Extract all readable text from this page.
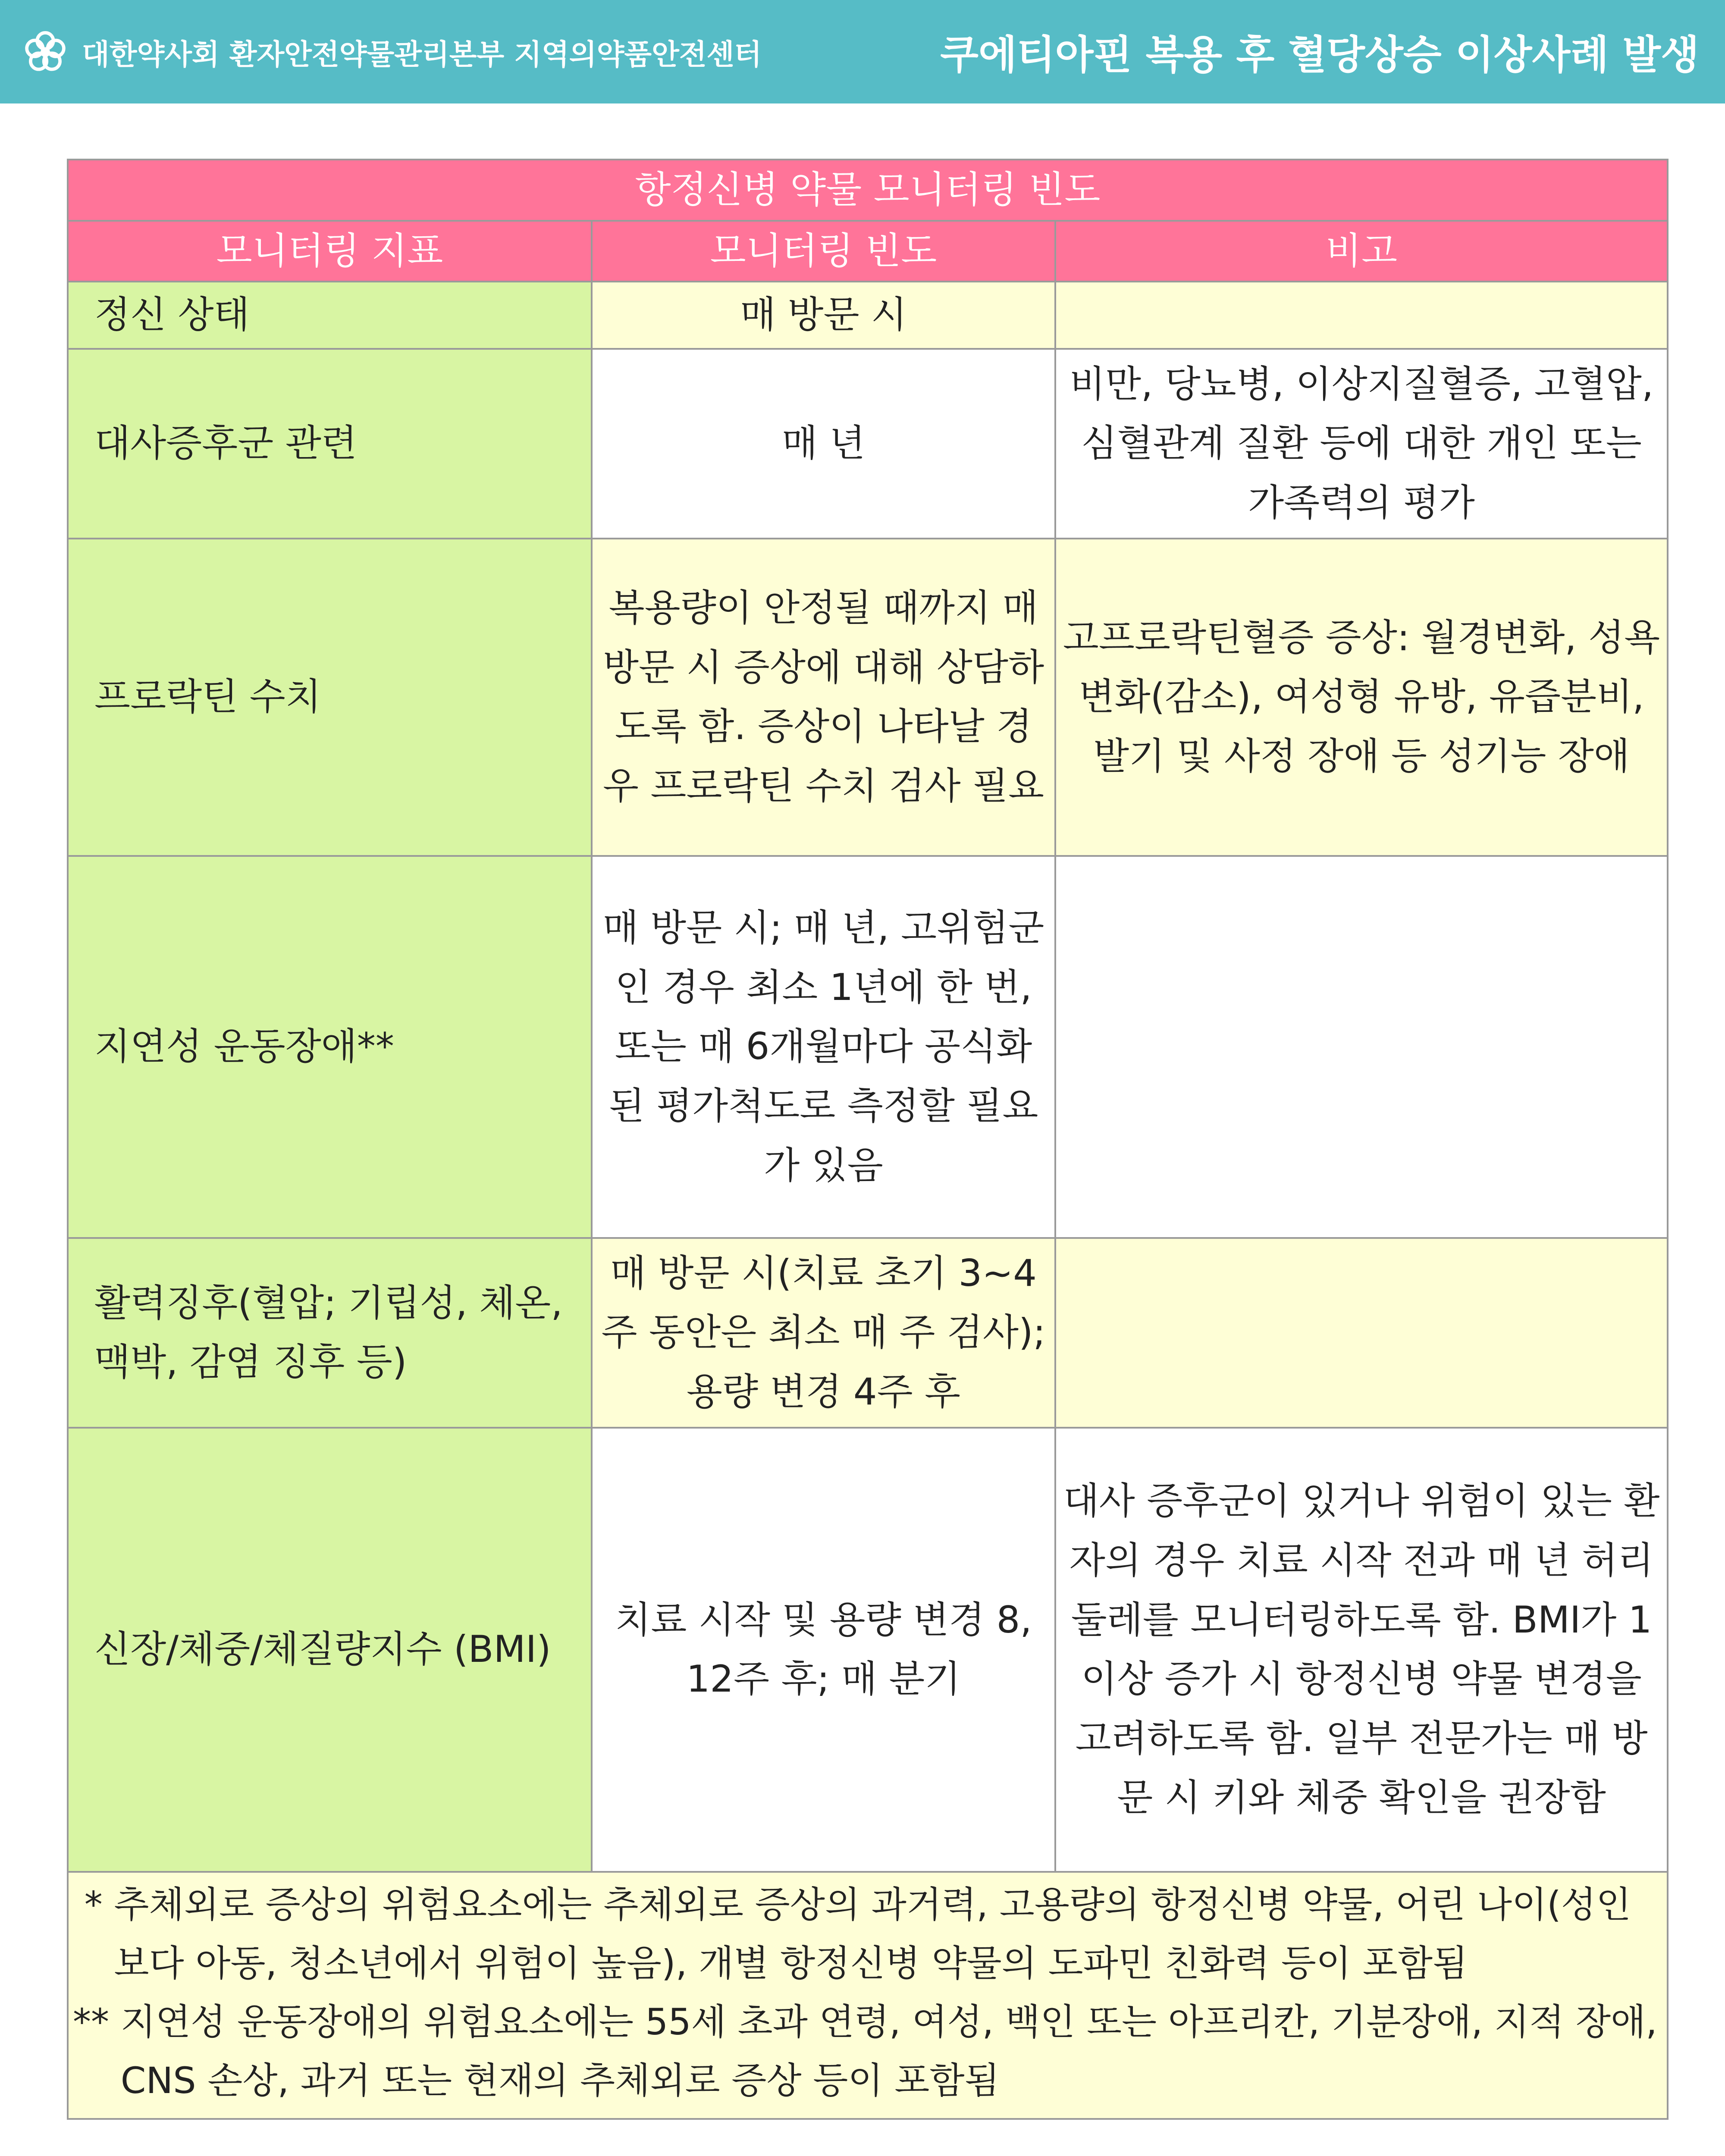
대한약사회 환자안전약물관리본부 지역의약품안전센터	쿠에티아핀 복용 후 혈당상승 이상사례 발생
항정신병 약물 모니터링 빈도		
모니터링 지표	모니터링 빈도	비고
정신 상태	매 방문 시	
대사증후군 관련	매 년	비만, 당뇨병, 이상지질혈증, 고혈압, 심혈관계 질환 등에 대한 개인 또는 가족력의 평가
프로락틴 수치	복용량이 안정될 때까지 매 방문 시 증상에 대해 상담하도록 함. 증상이 나타날 경우 프로락틴 수치 검사 필요	고프로락틴혈증 증상: 월경변화, 성욕변화(감소), 여성형 유방, 유즙분비, 발기 및 사정 장애 등 성기능 장애
지연성 운동장애**	매 방문 시; 매 년, 고위험군인 경우 최소 1년에 한 번, 또는 매 6개월마다 공식화된 평가척도로 측정할 필요가 있음	
활력징후(혈압; 기립성, 체온, 맥박, 감염 징후 등)	매 방문 시(치료 초기 3~4주 동안은 최소 매 주 검사); 용량 변경 4주 후	
신장/체중/체질량지수 (BMI)	치료 시작 및 용량 변경 8, 12주 후; 매 분기	대사 증후군이 있거나 위험이 있는 환자의 경우 치료 시작 전과 매 년 허리 둘레를 모니터링하도록 함. BMI가 1 이상 증가 시 항정신병 약물 변경을 고려하도록 함. 일부 전문가는 매 방문 시 키와 체중 확인을 권장함

* 추체외로 증상의 위험요소에는 추체외로 증상의 과거력, 고용량의 항정신병 약물, 어린 나이(성인보다 아동, 청소년에서 위험이 높음), 개별 항정신병 약물의 도파민 친화력 등이 포함됨
** 지연성 운동장애의 위험요소에는 55세 초과 연령, 여성, 백인 또는 아프리칸, 기분장애, 지적 장애, CNS 손상, 과거 또는 현재의 추체외로 증상 등이 포함됨		
